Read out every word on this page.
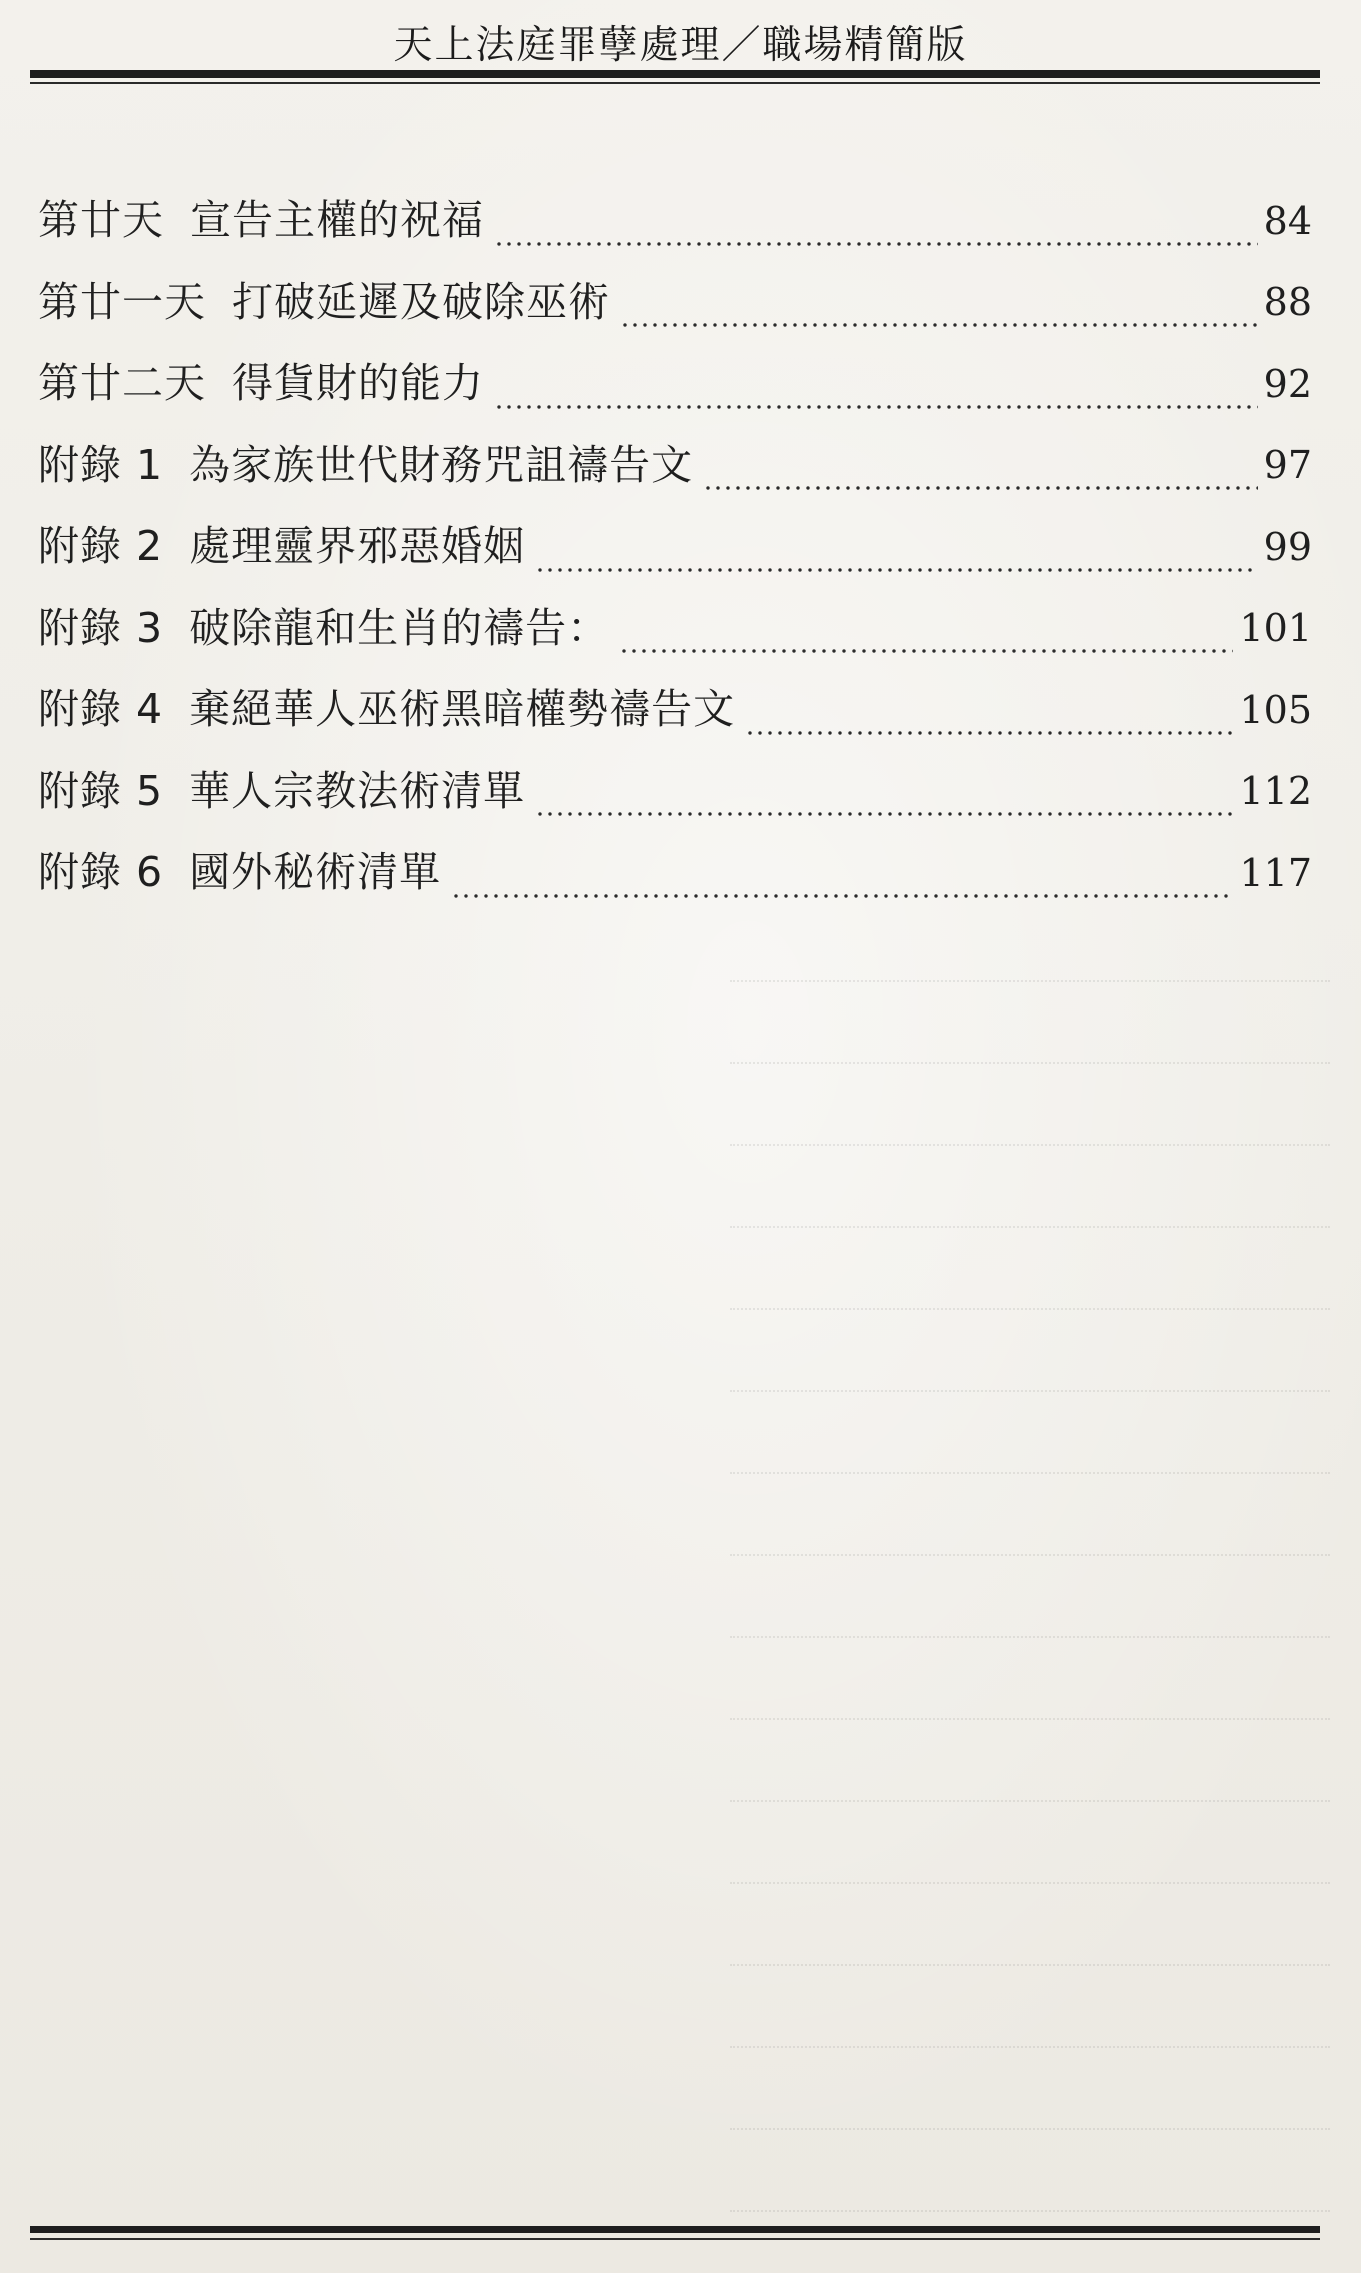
天上法庭罪孽處理／職場精簡版
第廿天 宣告主權的祝福	84
第廿一天 打破延遲及破除巫術	88
第廿二天 得貨財的能力	92
附錄 1 為家族世代財務咒詛禱告文	97
附錄 2 處理靈界邪惡婚姻	99
附錄 3 破除龍和生肖的禱告：	101
附錄 4 棄絕華人巫術黑暗權勢禱告文	105
附錄 5 華人宗教法術清單	112
附錄 6 國外秘術清單	117
